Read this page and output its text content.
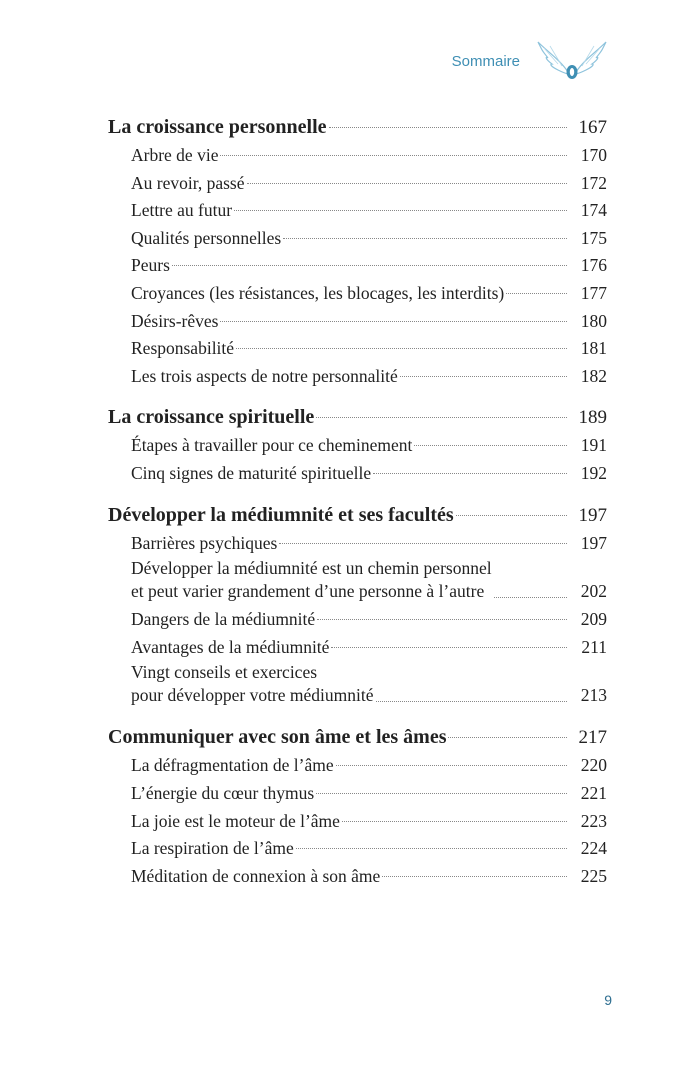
Sommaire
La croissance personnelle	167
Arbre de vie	170
Au revoir, passé	172
Lettre au futur	174
Qualités personnelles	175
Peurs	176
Croyances (les résistances, les blocages, les interdits)	177
Désirs-rêves	180
Responsabilité	181
Les trois aspects de notre personnalité	182
La croissance spirituelle	189
Étapes à travailler pour ce cheminement	191
Cinq signes de maturité spirituelle	192
Développer la médiumnité et ses facultés	197
Barrières psychiques	197
Développer la médiumnité est un chemin personnel
et peut varier grandement d’une personne à l’autre	202
Dangers de la médiumnité	209
Avantages de la médiumnité	211
Vingt conseils et exercices
pour développer votre médiumnité	213
Communiquer avec son âme et les âmes	217
La défragmentation de l’âme	220
L’énergie du cœur thymus	221
La joie est le moteur de l’âme	223
La respiration de l’âme	224
Méditation de connexion à son âme	225
9
